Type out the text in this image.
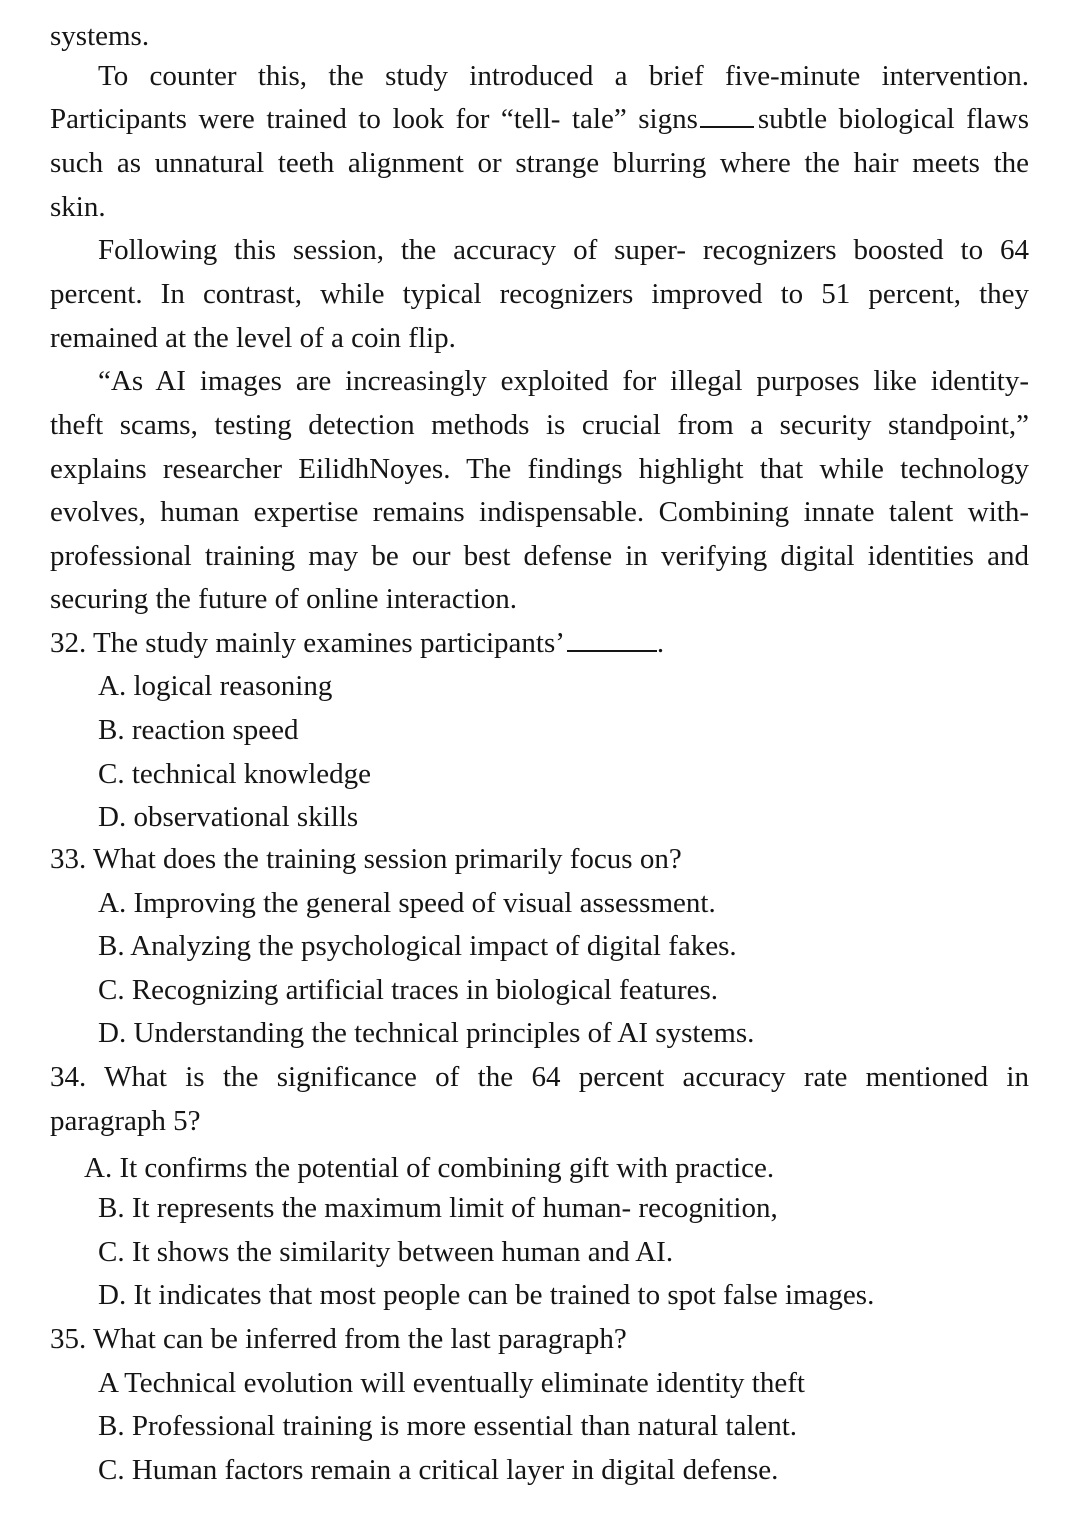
systems.

To counter this, the study introduced a brief five-minute intervention.

Participants were trained to look for “tell- tale” signs subtle biological flaws

such as unnatural teeth alignment or strange blurring where the hair meets the

skin.

Following this session, the accuracy of super- recognizers boosted to 64

percent. In contrast, while typical recognizers improved to 51 percent, they

remained at the level of a coin flip.

“As AI images are increasingly exploited for illegal purposes like identity-

theft scams, testing detection methods is crucial from a security standpoint,”

explains researcher EilidhNoyes. The findings highlight that while technology

evolves, human expertise remains indispensable. Combining innate talent with-

professional training may be our best defense in verifying digital identities and

securing the future of online interaction.

32. The study mainly examines participants’	.

A. logical reasoning

B. reaction speed

C. technical knowledge

D. observational skills

33. What does the training session primarily focus on?

A. Improving the general speed of visual assessment.

B. Analyzing the psychological impact of digital fakes.

C. Recognizing artificial traces in biological features.

D. Understanding the technical principles of AI systems.

34. What is the significance of the 64 percent accuracy rate mentioned in

paragraph 5?

A. It confirms the potential of combining gift with practice.

B. It represents the maximum limit of human- recognition,

C. It shows the similarity between human and AI.

D. It indicates that most people can be trained to spot false images.

35. What can be inferred from the last paragraph?

A Technical evolution will eventually eliminate identity theft

B. Professional training is more essential than natural talent.

C. Human factors remain a critical layer in digital defense.
